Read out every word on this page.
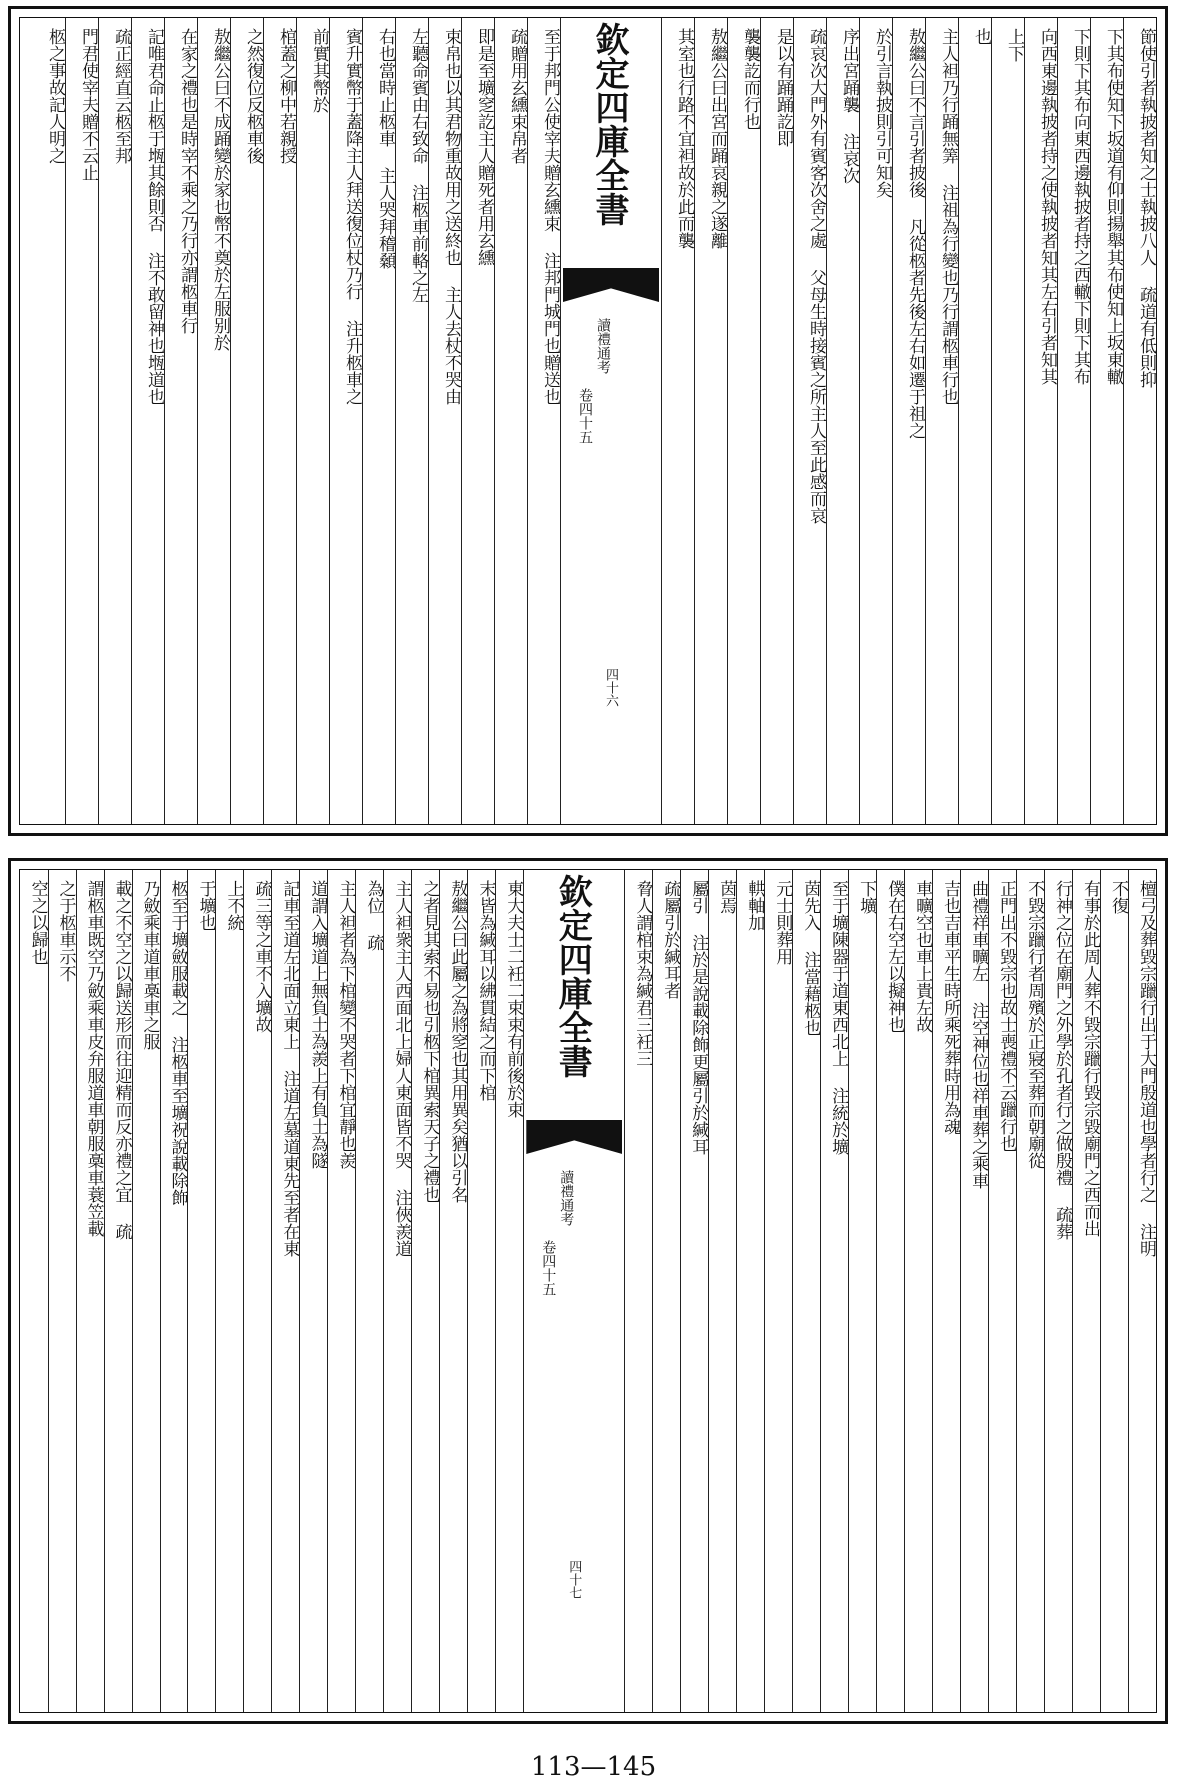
節使引者執披者知之士執披八人 疏道有低則抑
下其布使知下坂道有仰則揚舉其布使知上坂東轍
下則下其布向東西邊執披者持之西轍下則下其布
向西東邊執披者持之使執披者知其左右引者知其
上下
也
主人袒乃行踊無筭 注祖為行變也乃行謂柩車行也
敖繼公曰不言引者披後 凡從柩者先後左右如遷于祖之
於引言執披則引可知矣
序出宮踊襲 注哀次
疏哀次大門外有賓客次舍之處 父母生時接賓之所主人至此感而哀
是以有踊踊訖即
襲襲訖而行也
敖繼公曰出宮而踊哀親之遂離
其室也行路不宜袒故於此而襲
欽定四庫全書
讀禮通考
卷四十五
四十六
至于邦門公使宰夫贈玄纁束 注邦門城門也贈送也
疏贈用玄纁束帛者
即是至壙窆訖主人贈死者用玄纁
束帛也以其君物重故用之送終也 主人去杖不哭由
左聽命賓由右致命 注柩車前輅之左
右也當時止柩車 主人哭拜稽顙
賓升實幣于蓋降主人拜送復位杖乃行 注升柩車之
前實其幣於
棺蓋之柳中若親授
之然復位反柩車後
敖繼公曰不成踊變於家也幣不奠於左服别於
在家之禮也是時宰不乘之乃行亦謂柩車行
記唯君命止柩于堩其餘則否 注不敢留神也堩道也
疏正經直云柩至邦
門君使宰夫贈不云止
柩之事故記人明之
檀弓及葬毀宗躐行出于大門殷道也學者行之 注明
不復
有事於此周人葬不毀宗躐行毀宗毀廟門之西而出
行神之位在廟門之外學於孔者行之做殷禮 疏葬
不毀宗躐行者周殯於正寢至葬而朝廟從
正門出不毀宗也故士喪禮不云躐行也
曲禮祥車曠左 注空神位也祥車葬之乘車
吉也吉車平生時所乘死葬時用為魂
車曠空也車上貴左故
僕在右空左以擬神也
下壙
至于壙陳器于道東西北上 注統於壙
茵先入 注當藉柩也
元士則葬用
輁軸加
茵焉
屬引 注於是說載除飾更屬引於緘耳
疏屬引於緘耳者
脅人謂棺束為緘君三衽三
欽定四庫全書
讀禮通考
卷四十五
四十七
東大夫士二衽二束束有前後於束
末皆為緘耳以紼貫結之而下棺
敖繼公曰此屬之為將窆也其用異矣猶以引名
之者見其索不易也引柩下棺異索天子之禮也
主人袒衆主人西面北上婦人東面皆不哭 注俠羨道
為位 疏
主人袒者為下棺變不哭者下棺宜靜也羨
道謂入壙道上無負土為羨上有負土為隧
記車至道左北面立東上 注道左墓道東先至者在東
疏三等之車不入壙故
上不統
于壙也
柩至于壙斂服載之 注柩車至壙祝說載除飾
乃斂乘車道車槀車之服
載之不空之以歸送形而往迎精而反亦禮之宜 疏
謂柩車既空乃斂乘車皮弁服道車朝服槀車蓑笠載
之于柩車示不
空之以歸也
113—145
